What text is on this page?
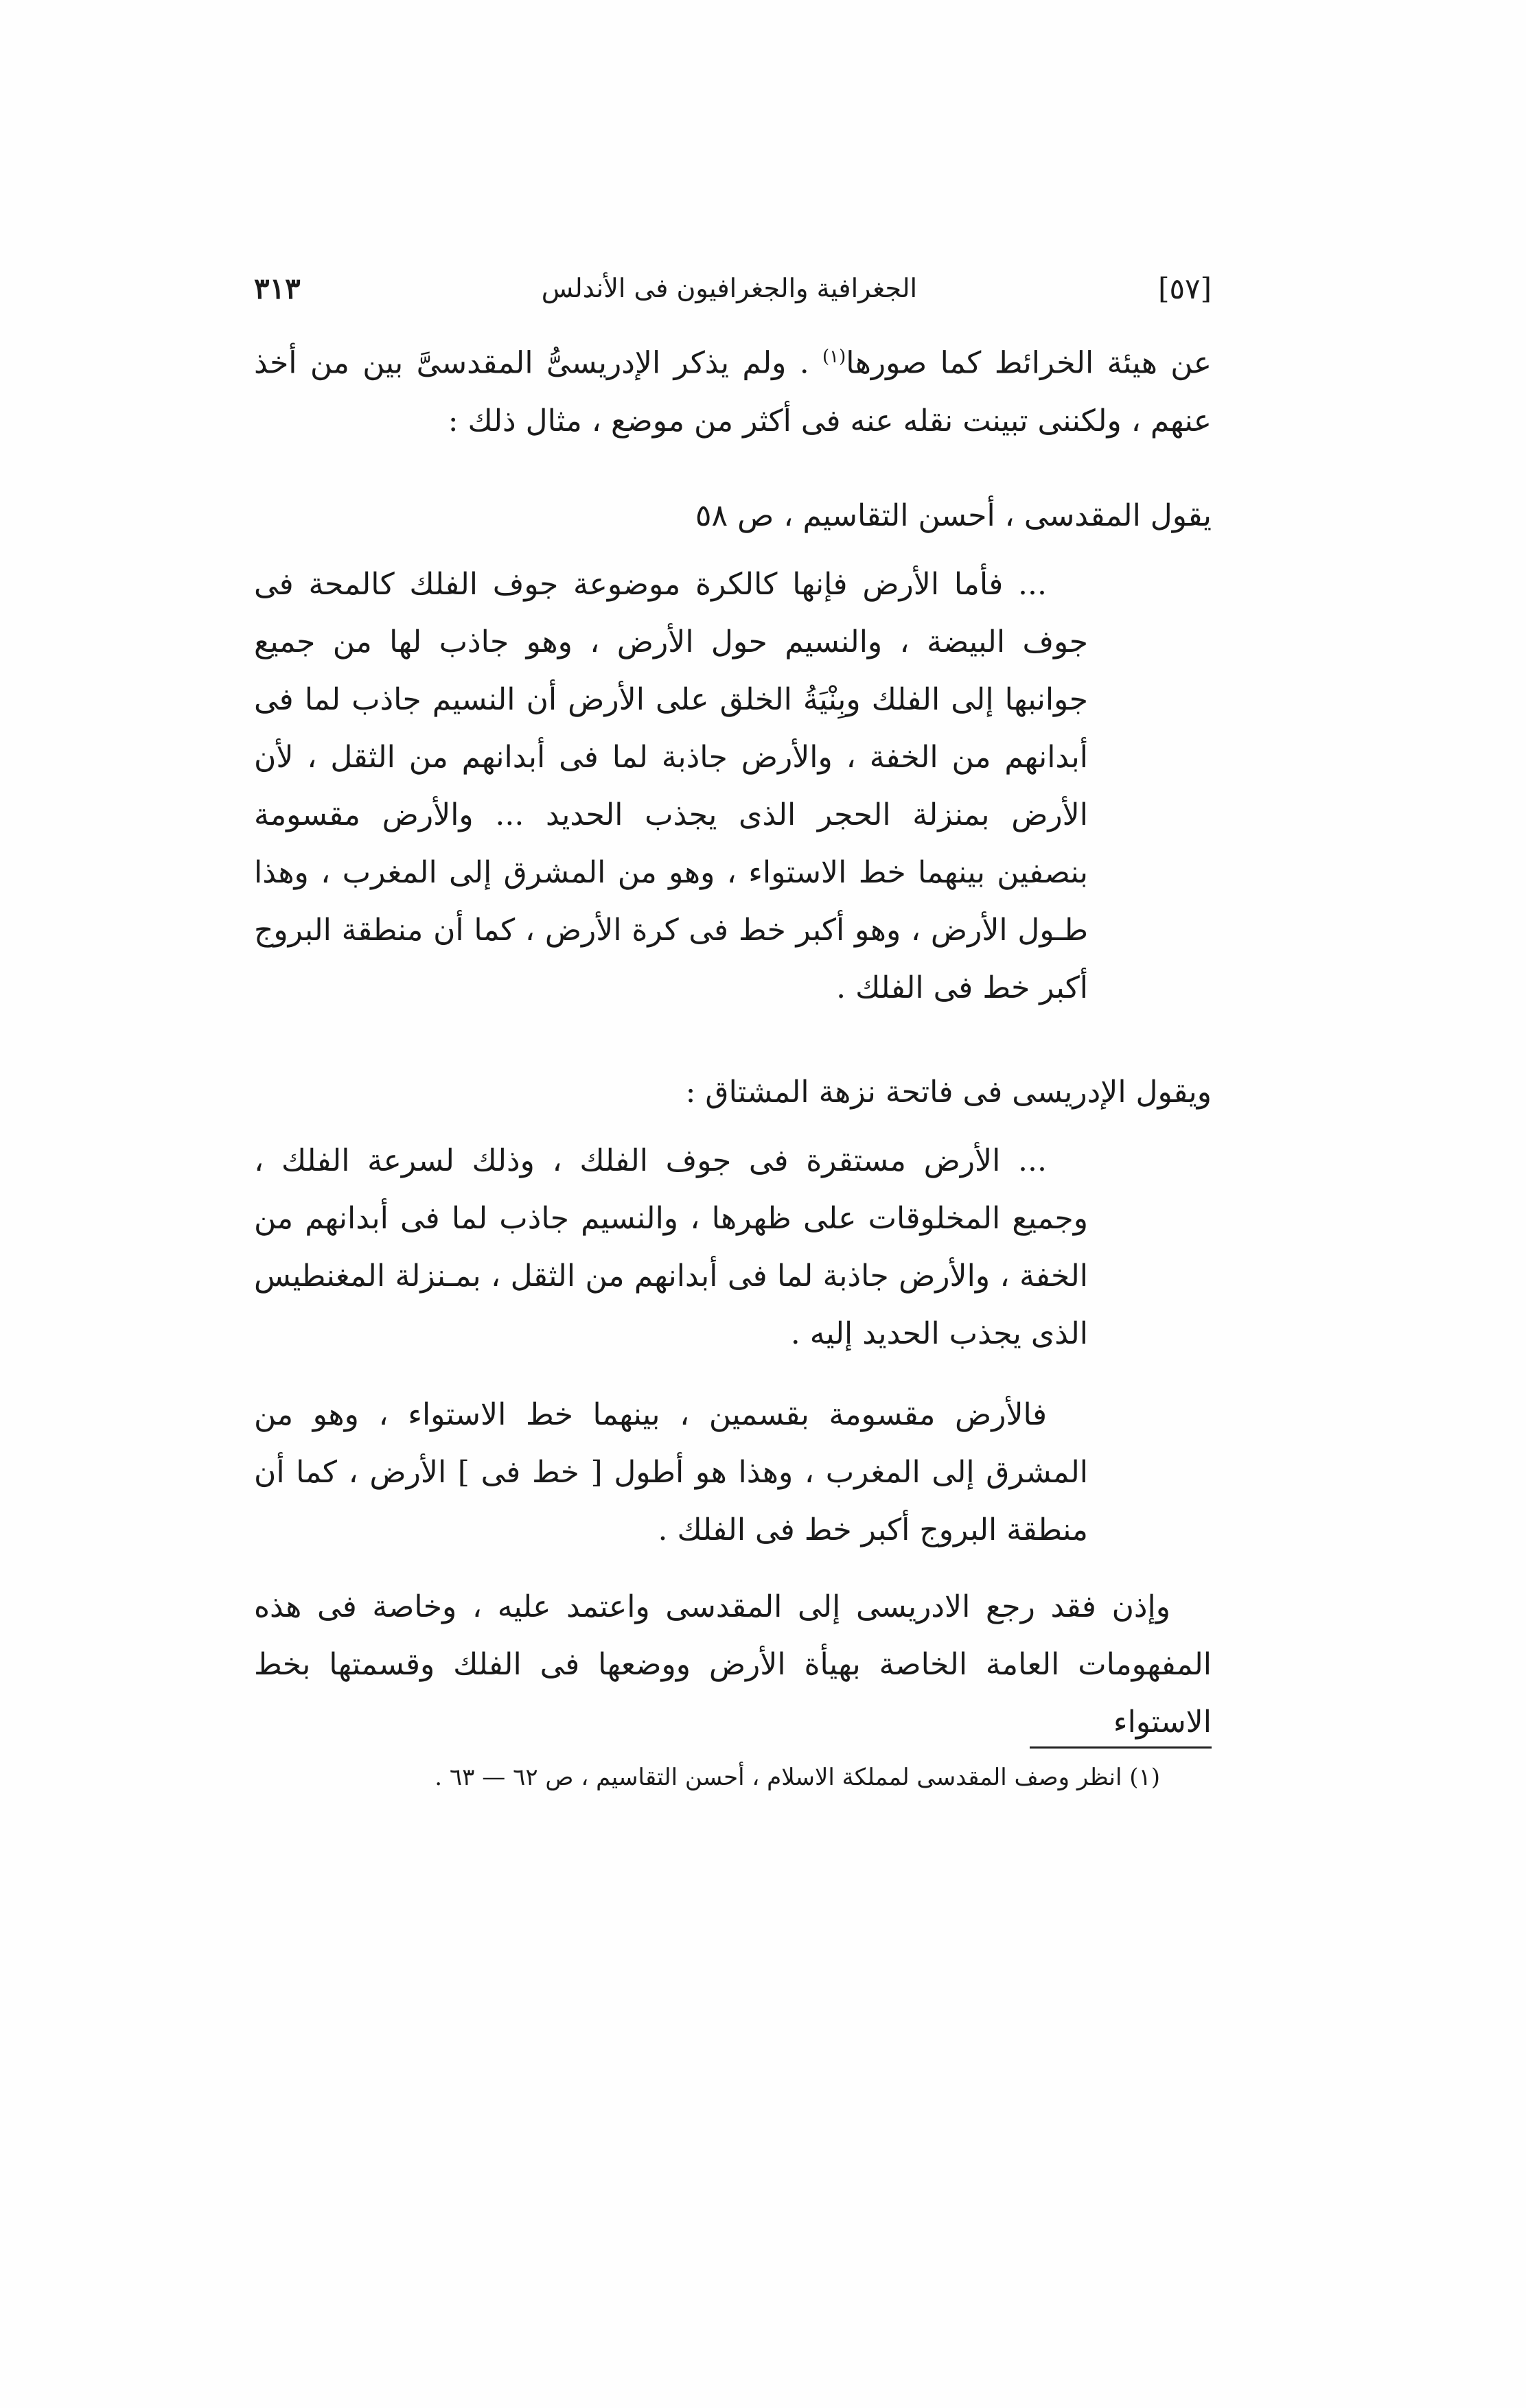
[٥٧]
الجغرافية والجغرافيون فى الأندلس
٣١٣

عن هيئة الخرائط كما صورها$^{(١)}$ . ولم يذكر الإدريسىُّ المقدسىَّ بين من أخذ عنهم ، ولكننى تبينت نقله عنه فى أكثر من موضع ، مثال ذلك :

يقول المقدسى ، أحسن التقاسيم ، ص ٥٨

... فأما الأرض فإنها كالكرة موضوعة جوف الفلك كالمحة فى جوف البيضة ، والنسيم حول الأرض ، وهو جاذب لها من جميع جوانبها إلى الفلك وبِنْيَةُ الخلق على الأرض أن النسيم جاذب لما فى أبدانهم من الخفة ، والأرض جاذبة لما فى أبدانهم من الثقل ، لأن الأرض بمنزلة الحجر الذى يجذب الحديد ... والأرض مقسومة بنصفين بينهما خط الاستواء ، وهو من المشرق إلى المغرب ، وهذا طـول الأرض ، وهو أكبر خط فى كرة الأرض ، كما أن منطقة البروج أكبر خط فى الفلك .

ويقول الإدريسى فى فاتحة نزهة المشتاق :

... الأرض مستقرة فى جوف الفلك ، وذلك لسرعة الفلك ، وجميع المخلوقات على ظهرها ، والنسيم جاذب لما فى أبدانهم من الخفة ، والأرض جاذبة لما فى أبدانهم من الثقل ، بمـنزلة المغنطيس الذى يجذب الحديد إليه .

فالأرض مقسومة بقسمين ، بينهما خط الاستواء ، وهو من المشرق إلى المغرب ، وهذا هو أطول [ خط فى ] الأرض ، كما أن منطقة البروج أكبر خط فى الفلك .

وإذن فقد رجع الادريسى إلى المقدسى واعتمد عليه ، وخاصة فى هذه المفهومات العامة الخاصة بهيأة الأرض ووضعها فى الفلك وقسمتها بخط الاستواء

(١) انظر وصف المقدسى لمملكة الاسلام ، أحسن التقاسيم ، ص ٦٢ — ٦٣ .
